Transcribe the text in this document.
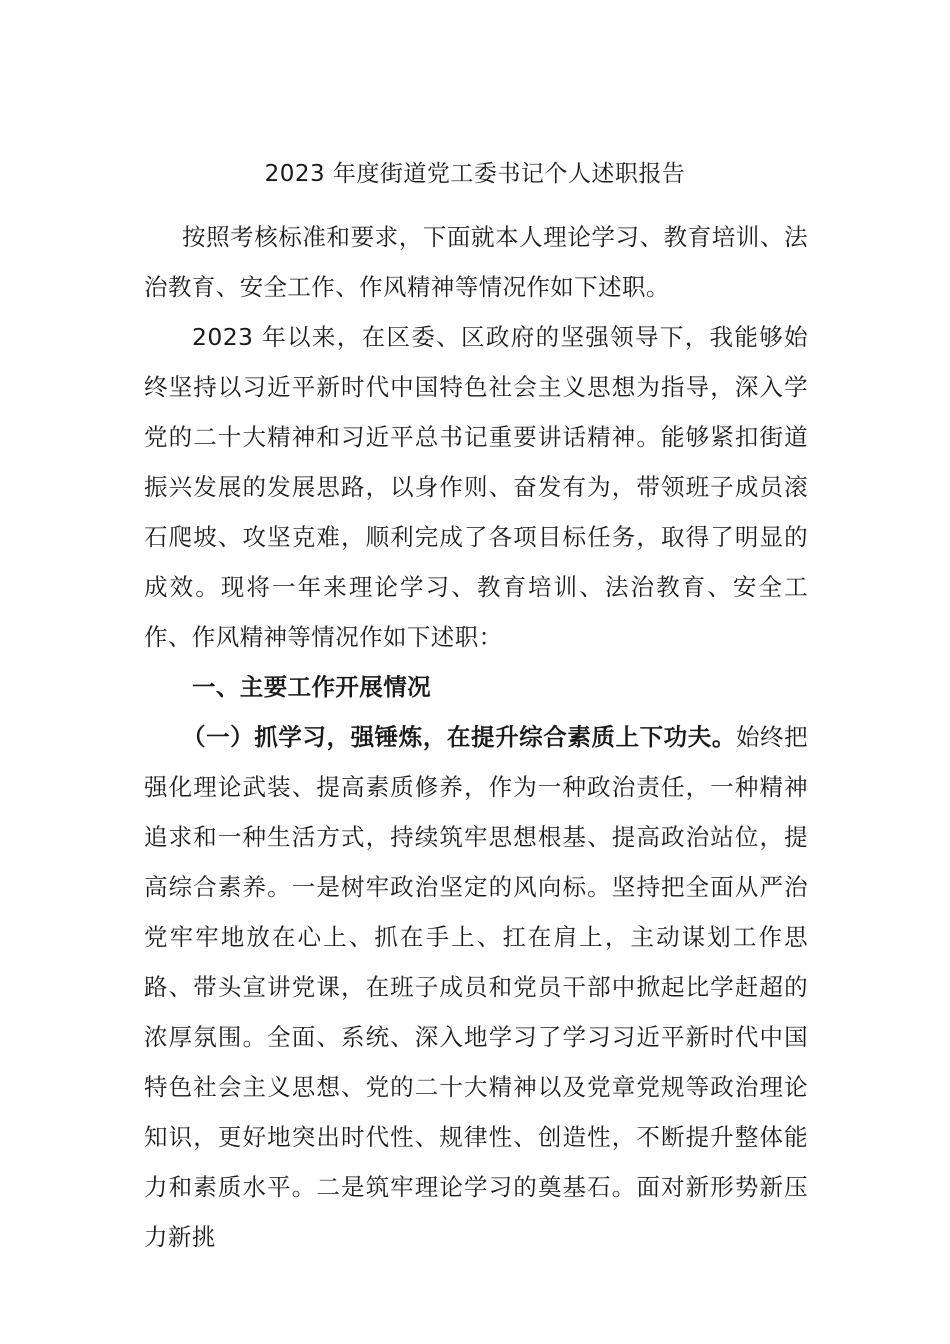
2023 年度街道党工委书记个人述职报告

按照考核标准和要求，下面就本人理论学习、教育培训、法治教育、安全工作、作风精神等情况作如下述职。

2023 年以来，在区委、区政府的坚强领导下，我能够始终坚持以习近平新时代中国特色社会主义思想为指导，深入学党的二十大精神和习近平总书记重要讲话精神。能够紧扣街道振兴发展的发展思路，以身作则、奋发有为，带领班子成员滚石爬坡、攻坚克难，顺利完成了各项目标任务，取得了明显的成效。现将一年来理论学习、教育培训、法治教育、安全工作、作风精神等情况作如下述职：

一、主要工作开展情况

（一）抓学习，强锤炼，在提升综合素质上下功夫。始终把强化理论武装、提高素质修养，作为一种政治责任，一种精神追求和一种生活方式，持续筑牢思想根基、提高政治站位，提高综合素养。一是树牢政治坚定的风向标。坚持把全面从严治党牢牢地放在心上、抓在手上、扛在肩上，主动谋划工作思路、带头宣讲党课，在班子成员和党员干部中掀起比学赶超的浓厚氛围。全面、系统、深入地学习了学习习近平新时代中国特色社会主义思想、党的二十大精神以及党章党规等政治理论知识，更好地突出时代性、规律性、创造性，不断提升整体能力和素质水平。二是筑牢理论学习的奠基石。面对新形势新压力新挑
